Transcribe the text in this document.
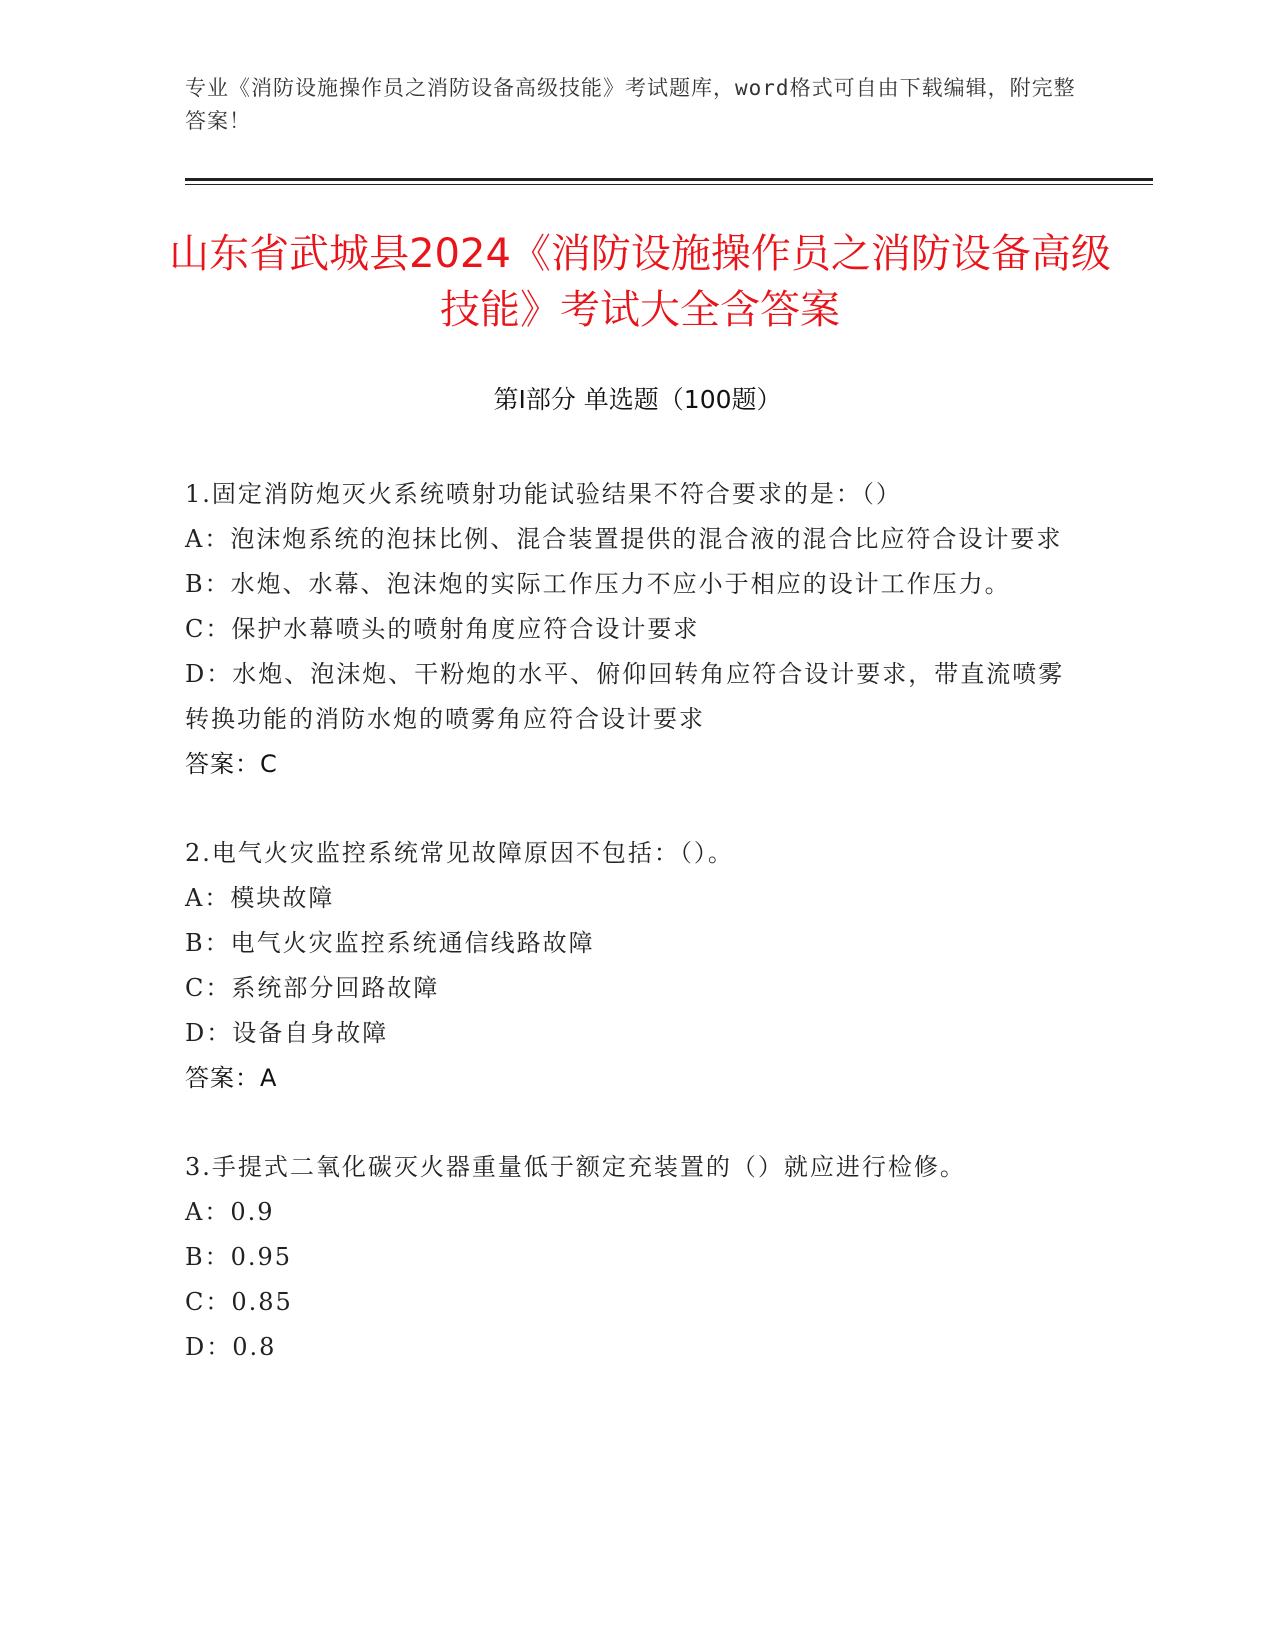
专业《消防设施操作员之消防设备高级技能》考试题库，word格式可自由下载编辑，附完整答案！
山东省武城县2024《消防设施操作员之消防设备高级技能》考试大全含答案
第Ⅰ部分 单选题（100题）

1.固定消防炮灭火系统喷射功能试验结果不符合要求的是：（）

A：泡沫炮系统的泡抹比例、混合装置提供的混合液的混合比应符合设计要求

B：水炮、水幕、泡沫炮的实际工作压力不应小于相应的设计工作压力。

C：保护水幕喷头的喷射角度应符合设计要求

D：水炮、泡沫炮、干粉炮的水平、俯仰回转角应符合设计要求，带直流喷雾转换功能的消防水炮的喷雾角应符合设计要求

答案：C

2.电气火灾监控系统常见故障原因不包括：（）。

A：模块故障

B：电气火灾监控系统通信线路故障

C：系统部分回路故障

D：设备自身故障

答案：A

3.手提式二氧化碳灭火器重量低于额定充装置的（）就应进行检修。

A：0.9

B：0.95

C：0.85

D：0.8
